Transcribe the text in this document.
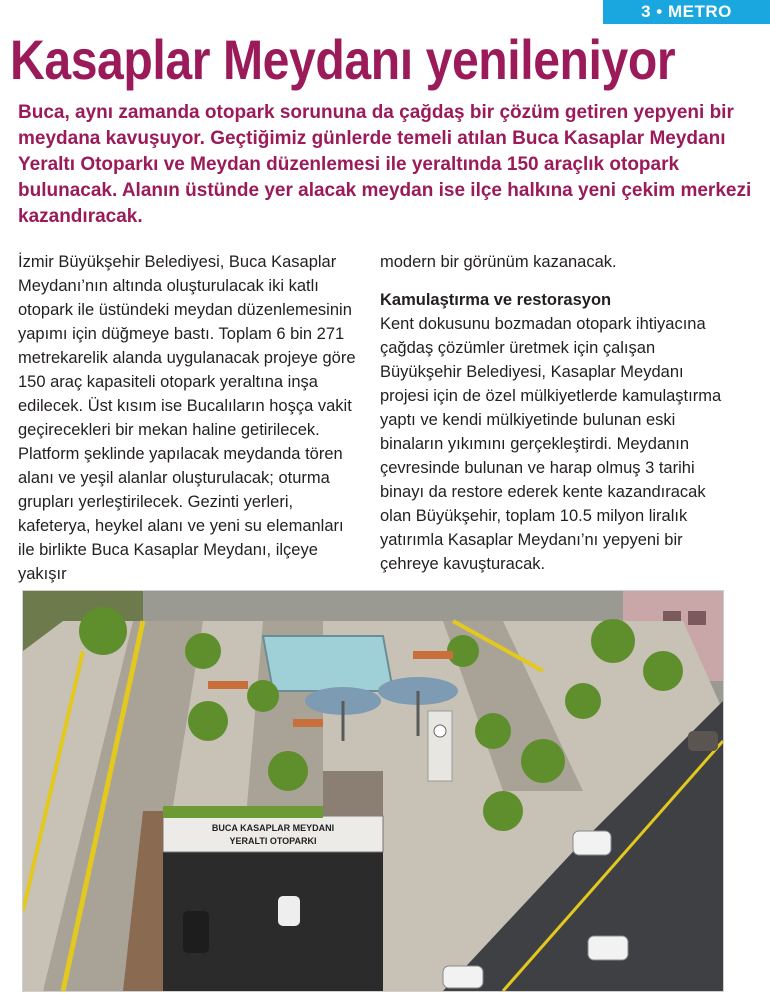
3 • METRO
Kasaplar Meydanı yenileniyor

Buca, aynı zamanda otopark sorununa da çağdaş bir çözüm getiren yepyeni bir meydana kavuşuyor. Geçtiğimiz günlerde temeli atılan Buca Kasaplar Meydanı Yeraltı Otoparkı ve Meydan düzenlemesi ile yeraltında 150 araçlık otopark bulunacak. Alanın üstünde yer alacak meydan ise ilçe halkına yeni çekim merkezi kazandıracak.

İzmir Büyükşehir Belediyesi, Buca Kasaplar Meydanı’nın altında oluşturulacak iki katlı otopark ile üstündeki meydan düzenlemesinin yapımı için düğmeye bastı. Toplam 6 bin 271 metrekarelik alanda uygulanacak projeye göre 150 araç kapasiteli otopark yeraltına inşa edilecek. Üst kısım ise Bucalıların hoşça vakit geçirecekleri bir mekan haline getirilecek. Platform şeklinde yapılacak meydanda tören alanı ve yeşil alanlar oluşturulacak; oturma grupları yerleştirilecek. Gezinti yerleri, kafeterya, heykel alanı ve yeni su elemanları ile birlikte Buca Kasaplar Meydanı, ilçeye yakışır

modern bir görünüm kazanacak.

Kamulaştırma ve restorasyon

Kent dokusunu bozmadan otopark ihtiyacına çağdaş çözümler üretmek için çalışan Büyükşehir Belediyesi, Kasaplar Meydanı projesi için de özel mülkiyetlerde kamulaştırma yaptı ve kendi mülkiyetinde bulunan eski binaların yıkımını gerçekleştirdi. Meydanın çevresinde bulunan ve harap olmuş 3 tarihi binayı da restore ederek kente kazandıracak olan Büyükşehir, toplam 10.5 milyon liralık yatırımla Kasaplar Meydanı’nı yepyeni bir çehreye kavuşturacak.

BUCA KASAPLAR MEYDANI
YERALTI OTOPARKI
